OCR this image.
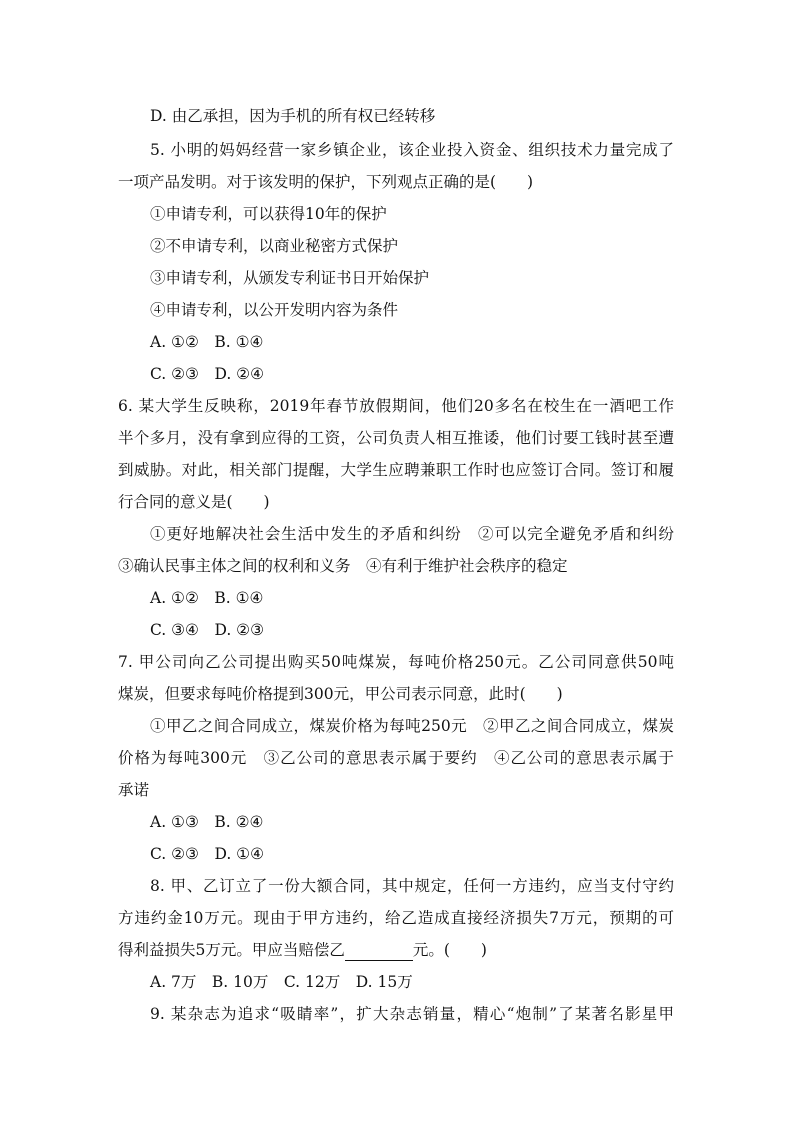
D. 由乙承担，因为手机的所有权已经转移
5. 小明的妈妈经营一家乡镇企业，该企业投入资金、组织技术力量完成了
一项产品发明。对于该发明的保护，下列观点正确的是(　　)
①申请专利，可以获得10年的保护
②不申请专利，以商业秘密方式保护
③申请专利，从颁发专利证书日开始保护
④申请专利，以公开发明内容为条件
A. ①②　B. ①④
C. ②③　D. ②④
6. 某大学生反映称，2019年春节放假期间，他们20多名在校生在一酒吧工作
半个多月，没有拿到应得的工资，公司负责人相互推诿，他们讨要工钱时甚至遭
到威胁。对此，相关部门提醒，大学生应聘兼职工作时也应签订合同。签订和履
行合同的意义是(　　)
①更好地解决社会生活中发生的矛盾和纠纷　②可以完全避免矛盾和纠纷
③确认民事主体之间的权利和义务　④有利于维护社会秩序的稳定
A. ①②　B. ①④
C. ③④　D. ②③
7. 甲公司向乙公司提出购买50吨煤炭，每吨价格250元。乙公司同意供50吨
煤炭，但要求每吨价格提到300元，甲公司表示同意，此时(　　)
①甲乙之间合同成立，煤炭价格为每吨250元　②甲乙之间合同成立，煤炭
价格为每吨300元　③乙公司的意思表示属于要约　④乙公司的意思表示属于
承诺
A. ①③　B. ②④
C. ②③　D. ①④
8. 甲、乙订立了一份大额合同，其中规定，任何一方违约，应当支付守约
方违约金10万元。现由于甲方违约，给乙造成直接经济损失7万元，预期的可
得利益损失5万元。甲应当赔偿乙	元。(　　)
A. 7万　B. 10万　C. 12万　D. 15万
9. 某杂志为追求“吸睛率”，扩大杂志销量，精心“炮制”了某著名影星甲
